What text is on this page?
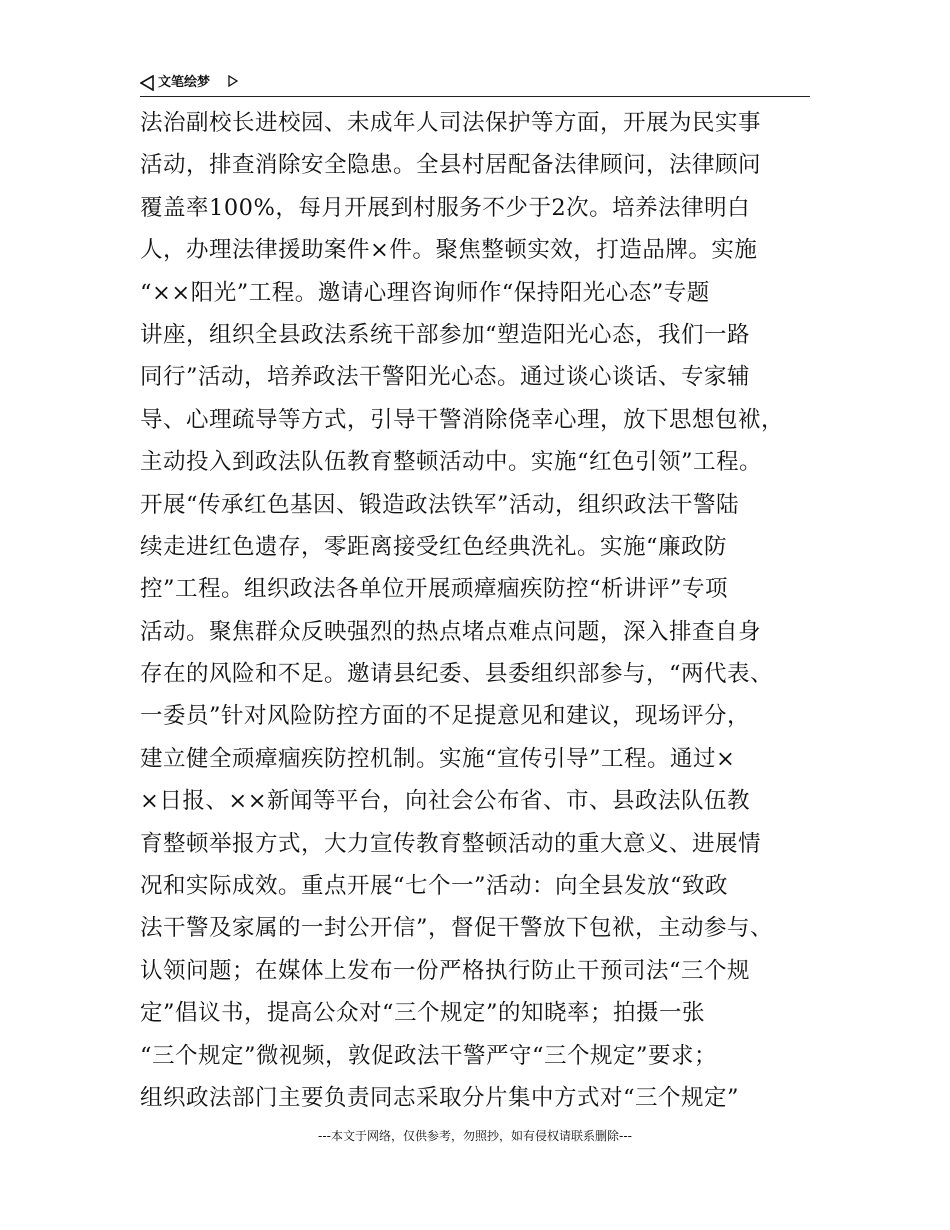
文笔绘梦
法治副校长进校园、未成年人司法保护等方面，开展为民实事
活动，排查消除安全隐患。全县村居配备法律顾问，法律顾问
覆盖率100%，每月开展到村服务不少于2次。培养法律明白
人，办理法律援助案件×件。聚焦整顿实效，打造品牌。实施
“××阳光”工程。邀请心理咨询师作“保持阳光心态”专题
讲座，组织全县政法系统干部参加“塑造阳光心态，我们一路
同行”活动，培养政法干警阳光心态。通过谈心谈话、专家辅
导、心理疏导等方式，引导干警消除侥幸心理，放下思想包袱，
主动投入到政法队伍教育整顿活动中。实施“红色引领”工程。
开展“传承红色基因、锻造政法铁军”活动，组织政法干警陆
续走进红色遗存，零距离接受红色经典洗礼。实施“廉政防
控”工程。组织政法各单位开展顽瘴痼疾防控“析讲评”专项
活动。聚焦群众反映强烈的热点堵点难点问题，深入排查自身
存在的风险和不足。邀请县纪委、县委组织部参与，“两代表、
一委员”针对风险防控方面的不足提意见和建议，现场评分，
建立健全顽瘴痼疾防控机制。实施“宣传引导”工程。通过×
×日报、××新闻等平台，向社会公布省、市、县政法队伍教
育整顿举报方式，大力宣传教育整顿活动的重大意义、进展情
况和实际成效。重点开展“七个一”活动：向全县发放“致政
法干警及家属的一封公开信”，督促干警放下包袱，主动参与、
认领问题；在媒体上发布一份严格执行防止干预司法“三个规
定”倡议书，提高公众对“三个规定”的知晓率；拍摄一张
“三个规定”微视频，敦促政法干警严守“三个规定”要求；
组织政法部门主要负责同志采取分片集中方式对“三个规定”
---本文于网络，仅供参考，勿照抄，如有侵权请联系删除---
